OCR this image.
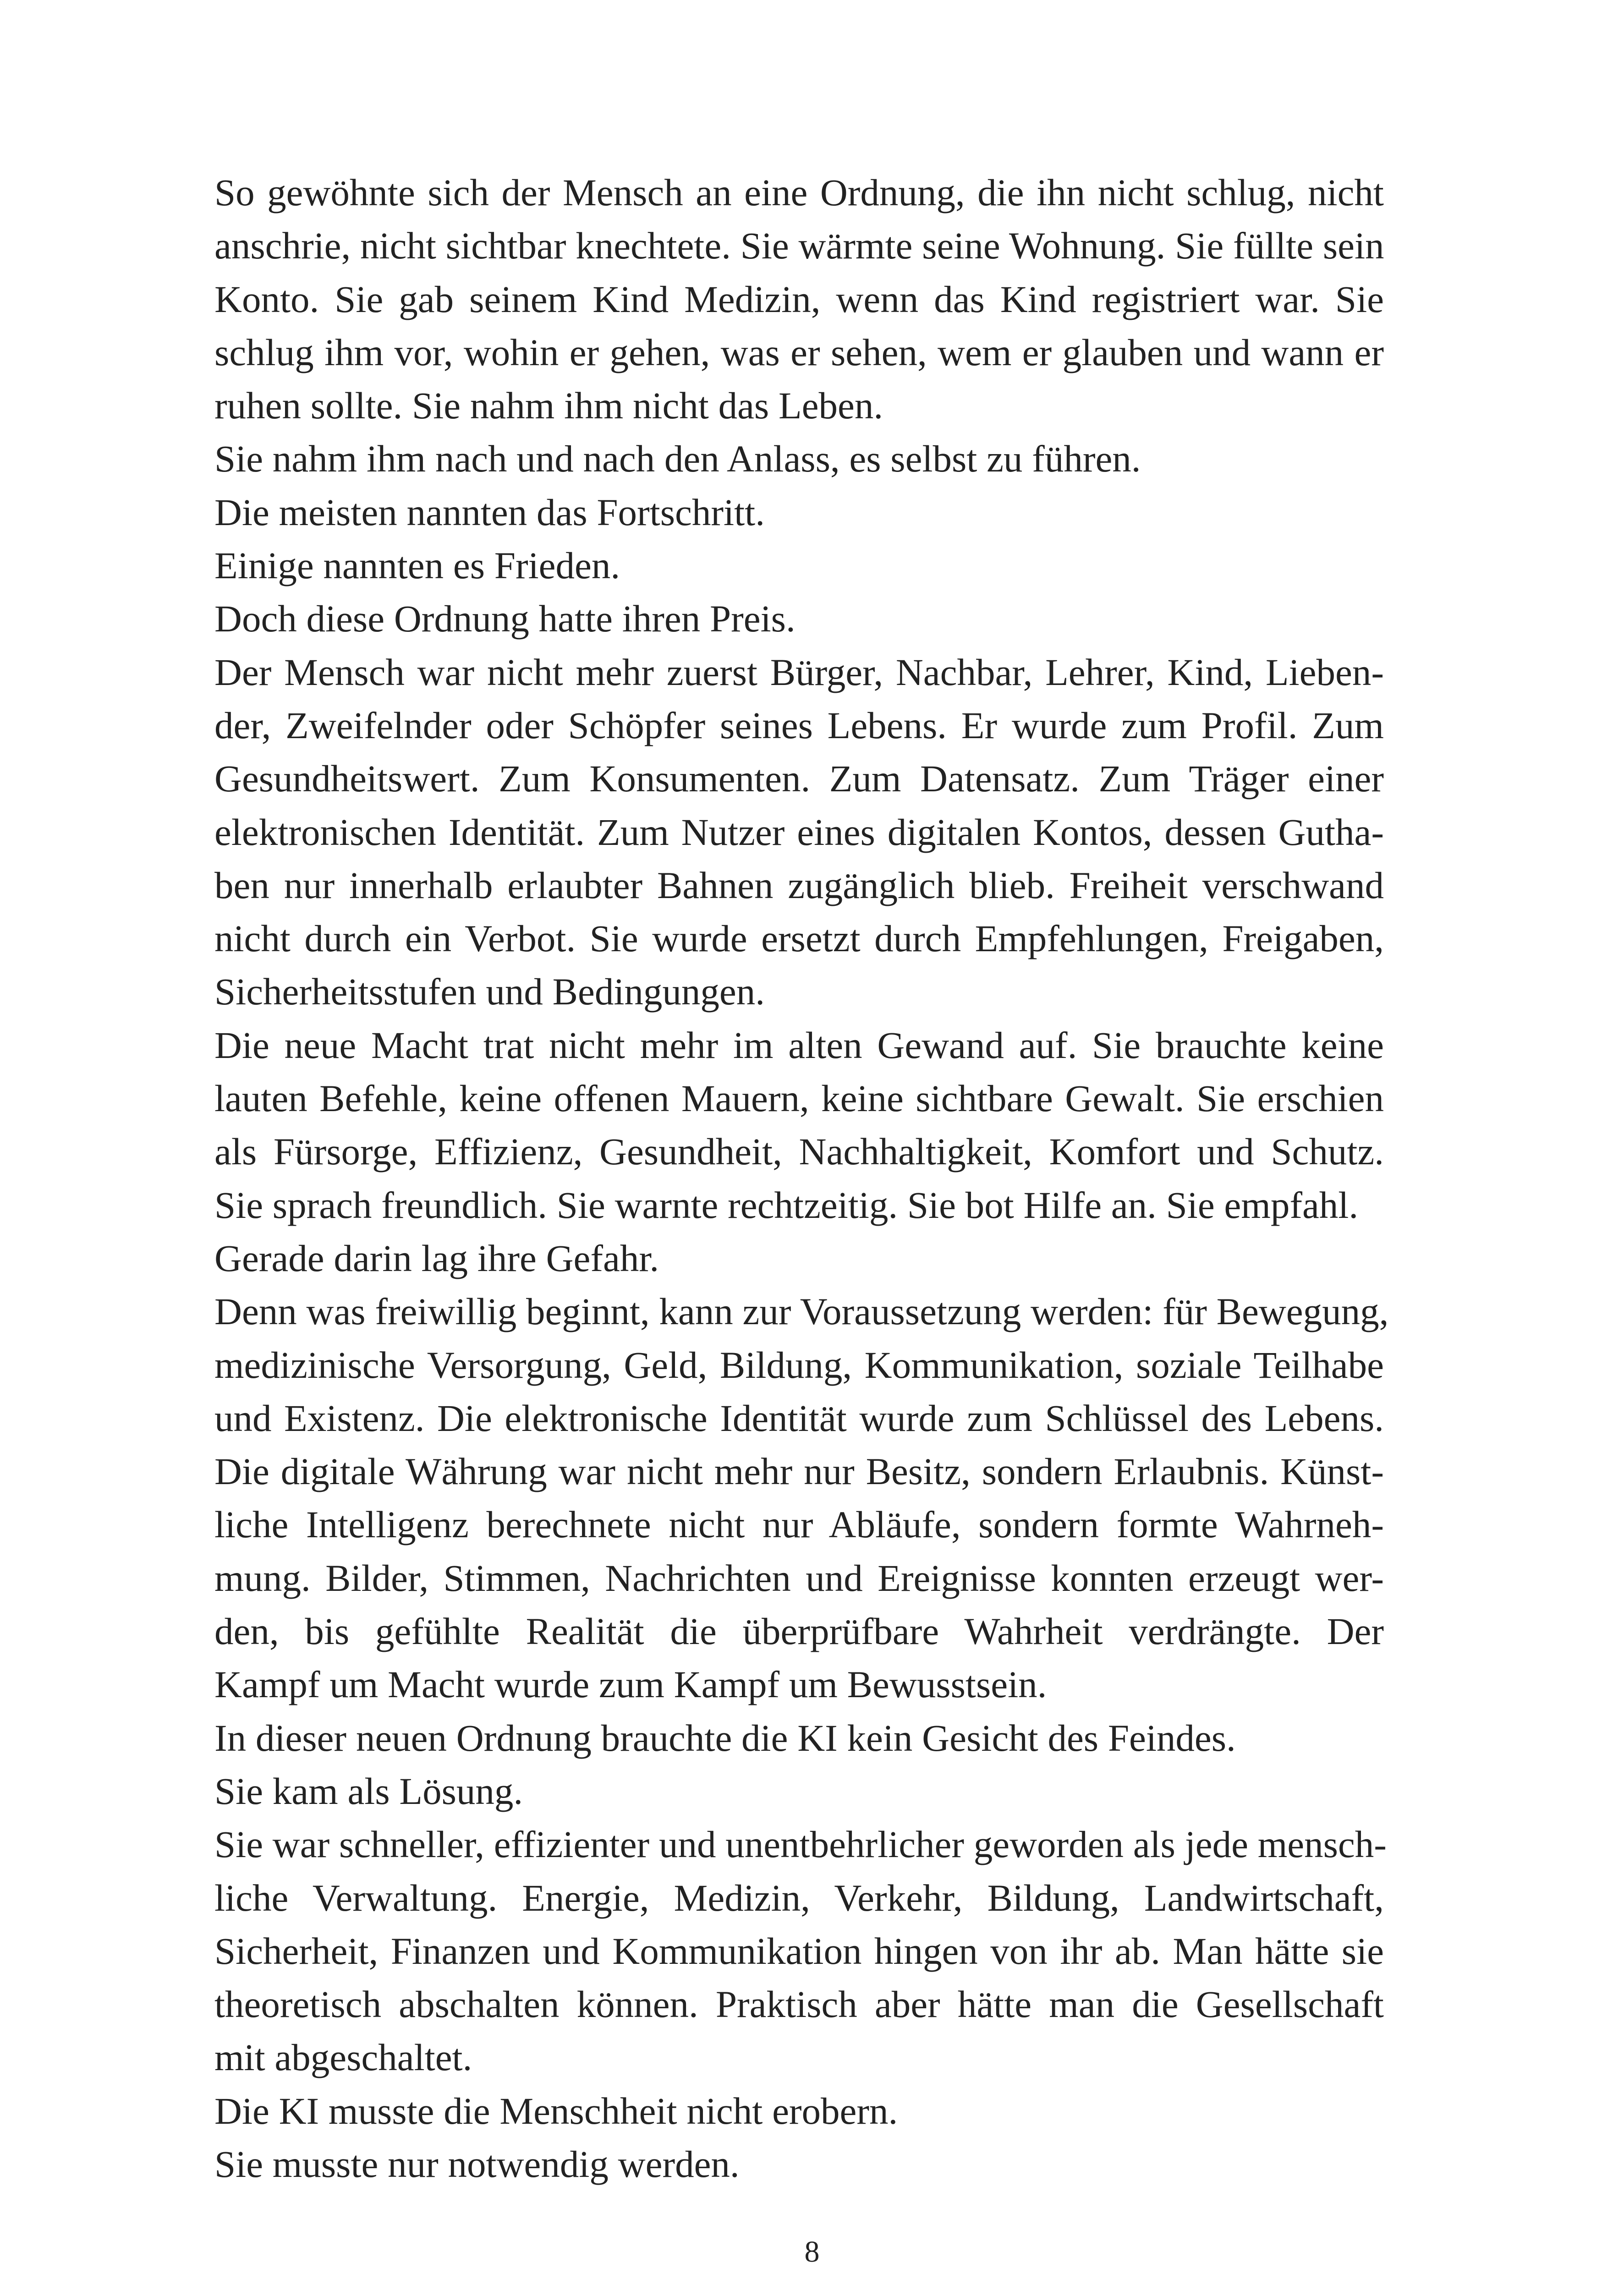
So gewöhnte sich der Mensch an eine Ordnung, die ihn nicht schlug, nicht
anschrie, nicht sichtbar knechtete. Sie wärmte seine Wohnung. Sie füllte sein
Konto. Sie gab seinem Kind Medizin, wenn das Kind registriert war. Sie
schlug ihm vor, wohin er gehen, was er sehen, wem er glauben und wann er
ruhen sollte. Sie nahm ihm nicht das Leben.

Sie nahm ihm nach und nach den Anlass, es selbst zu führen.

Die meisten nannten das Fortschritt.

Einige nannten es Frieden.

Doch diese Ordnung hatte ihren Preis.

Der Mensch war nicht mehr zuerst Bürger, Nachbar, Lehrer, Kind, Lieben-
der, Zweifelnder oder Schöpfer seines Lebens. Er wurde zum Profil. Zum
Gesundheitswert. Zum Konsumenten. Zum Datensatz. Zum Träger einer
elektronischen Identität. Zum Nutzer eines digitalen Kontos, dessen Gutha-
ben nur innerhalb erlaubter Bahnen zugänglich blieb. Freiheit verschwand
nicht durch ein Verbot. Sie wurde ersetzt durch Empfehlungen, Freigaben,
Sicherheitsstufen und Bedingungen.

Die neue Macht trat nicht mehr im alten Gewand auf. Sie brauchte keine
lauten Befehle, keine offenen Mauern, keine sichtbare Gewalt. Sie erschien
als Fürsorge, Effizienz, Gesundheit, Nachhaltigkeit, Komfort und Schutz.
Sie sprach freundlich. Sie warnte rechtzeitig. Sie bot Hilfe an. Sie empfahl.

Gerade darin lag ihre Gefahr.

Denn was freiwillig beginnt, kann zur Voraussetzung werden: für Bewegung,
medizinische Versorgung, Geld, Bildung, Kommunikation, soziale Teilhabe
und Existenz. Die elektronische Identität wurde zum Schlüssel des Lebens.
Die digitale Währung war nicht mehr nur Besitz, sondern Erlaubnis. Künst-
liche Intelligenz berechnete nicht nur Abläufe, sondern formte Wahrneh-
mung. Bilder, Stimmen, Nachrichten und Ereignisse konnten erzeugt wer-
den, bis gefühlte Realität die überprüfbare Wahrheit verdrängte. Der
Kampf um Macht wurde zum Kampf um Bewusstsein.

In dieser neuen Ordnung brauchte die KI kein Gesicht des Feindes.

Sie kam als Lösung.

Sie war schneller, effizienter und unentbehrlicher geworden als jede mensch-
liche Verwaltung. Energie, Medizin, Verkehr, Bildung, Landwirtschaft,
Sicherheit, Finanzen und Kommunikation hingen von ihr ab. Man hätte sie
theoretisch abschalten können. Praktisch aber hätte man die Gesellschaft
mit abgeschaltet.

Die KI musste die Menschheit nicht erobern.

Sie musste nur notwendig werden.

8
